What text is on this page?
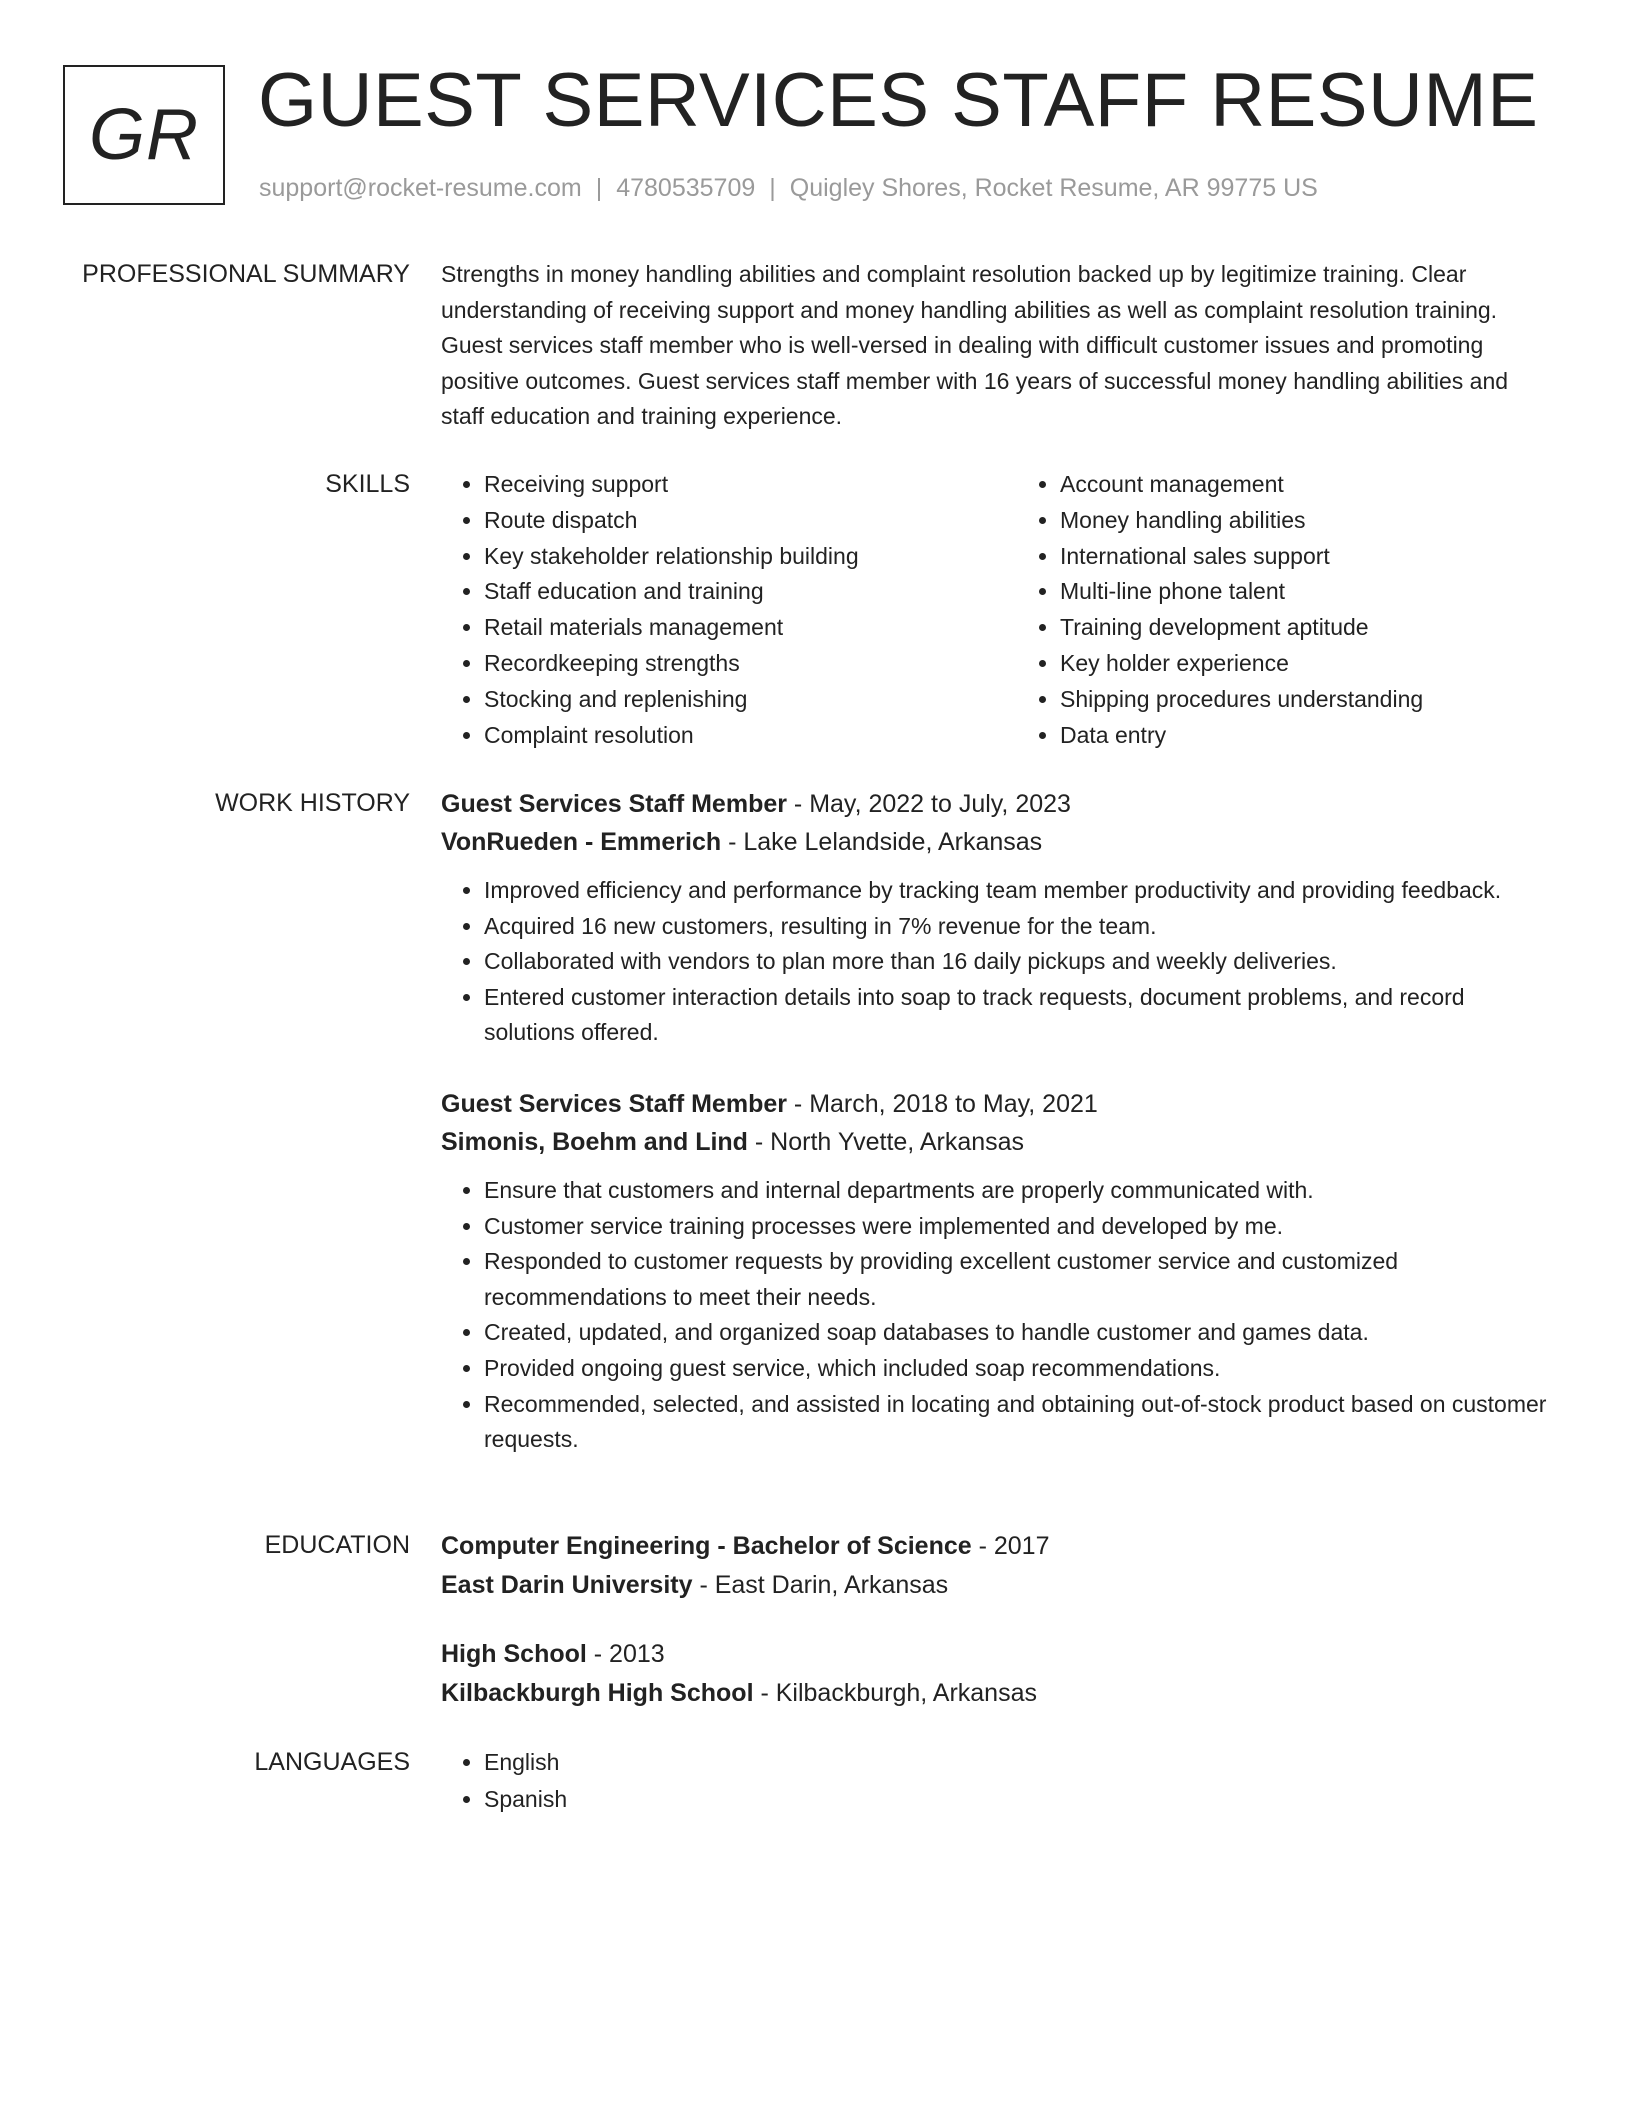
GR GUEST SERVICES STAFF RESUME
support@rocket-resume.com | 4780535709 | Quigley Shores, Rocket Resume, AR 99775 US
PROFESSIONAL SUMMARY Strengths in money handling abilities and complaint resolution backed up by legitimize training. Clear understanding of receiving support and money handling abilities as well as complaint resolution training. Guest services staff member who is well-versed in dealing with difficult customer issues and promoting positive outcomes. Guest services staff member with 16 years of successful money handling abilities and staff education and training experience.

SKILLS	• Receiving support
• Route dispatch
• Key stakeholder relationship building
• Staff education and training
• Retail materials management
• Recordkeeping strengths
• Stocking and replenishing
• Complaint resolution
• Account management
• Money handling abilities
• International sales support
• Multi-line phone talent
• Training development aptitude
• Key holder experience
• Shipping procedures understanding
• Data entry
WORK HISTORY Guest Services Staff Member - May, 2022 to July, 2023
VonRueden - Emmerich - Lake Lelandside, Arkansas
• Improved efficiency and performance by tracking team member productivity and providing feedback.
• Acquired 16 new customers, resulting in 7% revenue for the team.
• Collaborated with vendors to plan more than 16 daily pickups and weekly deliveries.
• Entered customer interaction details into soap to track requests, document problems, and record solutions offered.
Guest Services Staff Member - March, 2018 to May, 2021
Simonis, Boehm and Lind - North Yvette, Arkansas
• Ensure that customers and internal departments are properly communicated with.
• Customer service training processes were implemented and developed by me.
• Responded to customer requests by providing excellent customer service and customized recommendations to meet their needs.
• Created, updated, and organized soap databases to handle customer and games data.
• Provided ongoing guest service, which included soap recommendations.
• Recommended, selected, and assisted in locating and obtaining out-of-stock product based on customer requests.
EDUCATION Computer Engineering - Bachelor of Science - 2017
East Darin University - East Darin, Arkansas
High School - 2013
Kilbackburgh High School - Kilbackburgh, Arkansas
LANGUAGES	• English
• Spanish
